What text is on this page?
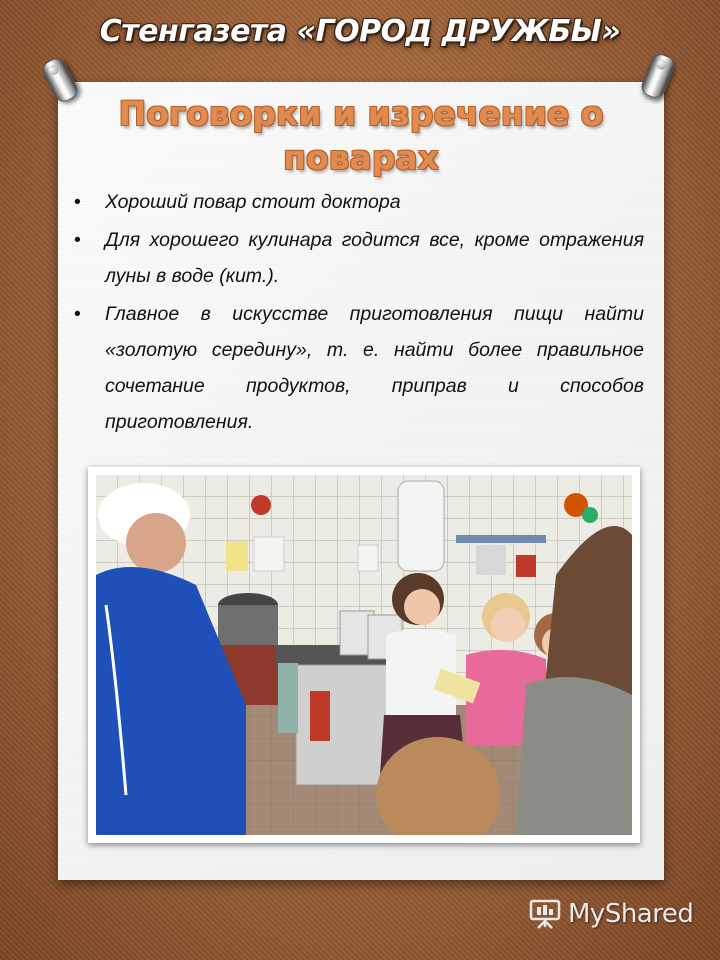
Стенгазета «ГОРОД ДРУЖБЫ»
Поговорки и изречение о поварах
• Хороший повар стоит доктора
• Для хорошего кулинара годится все, кроме отражения луны в воде (кит.).
• Главное в искусстве приготовления пищи найти «золотую середину», т. е. найти более правильное сочетание продуктов, приправ и способов приготовления.
MyShared
